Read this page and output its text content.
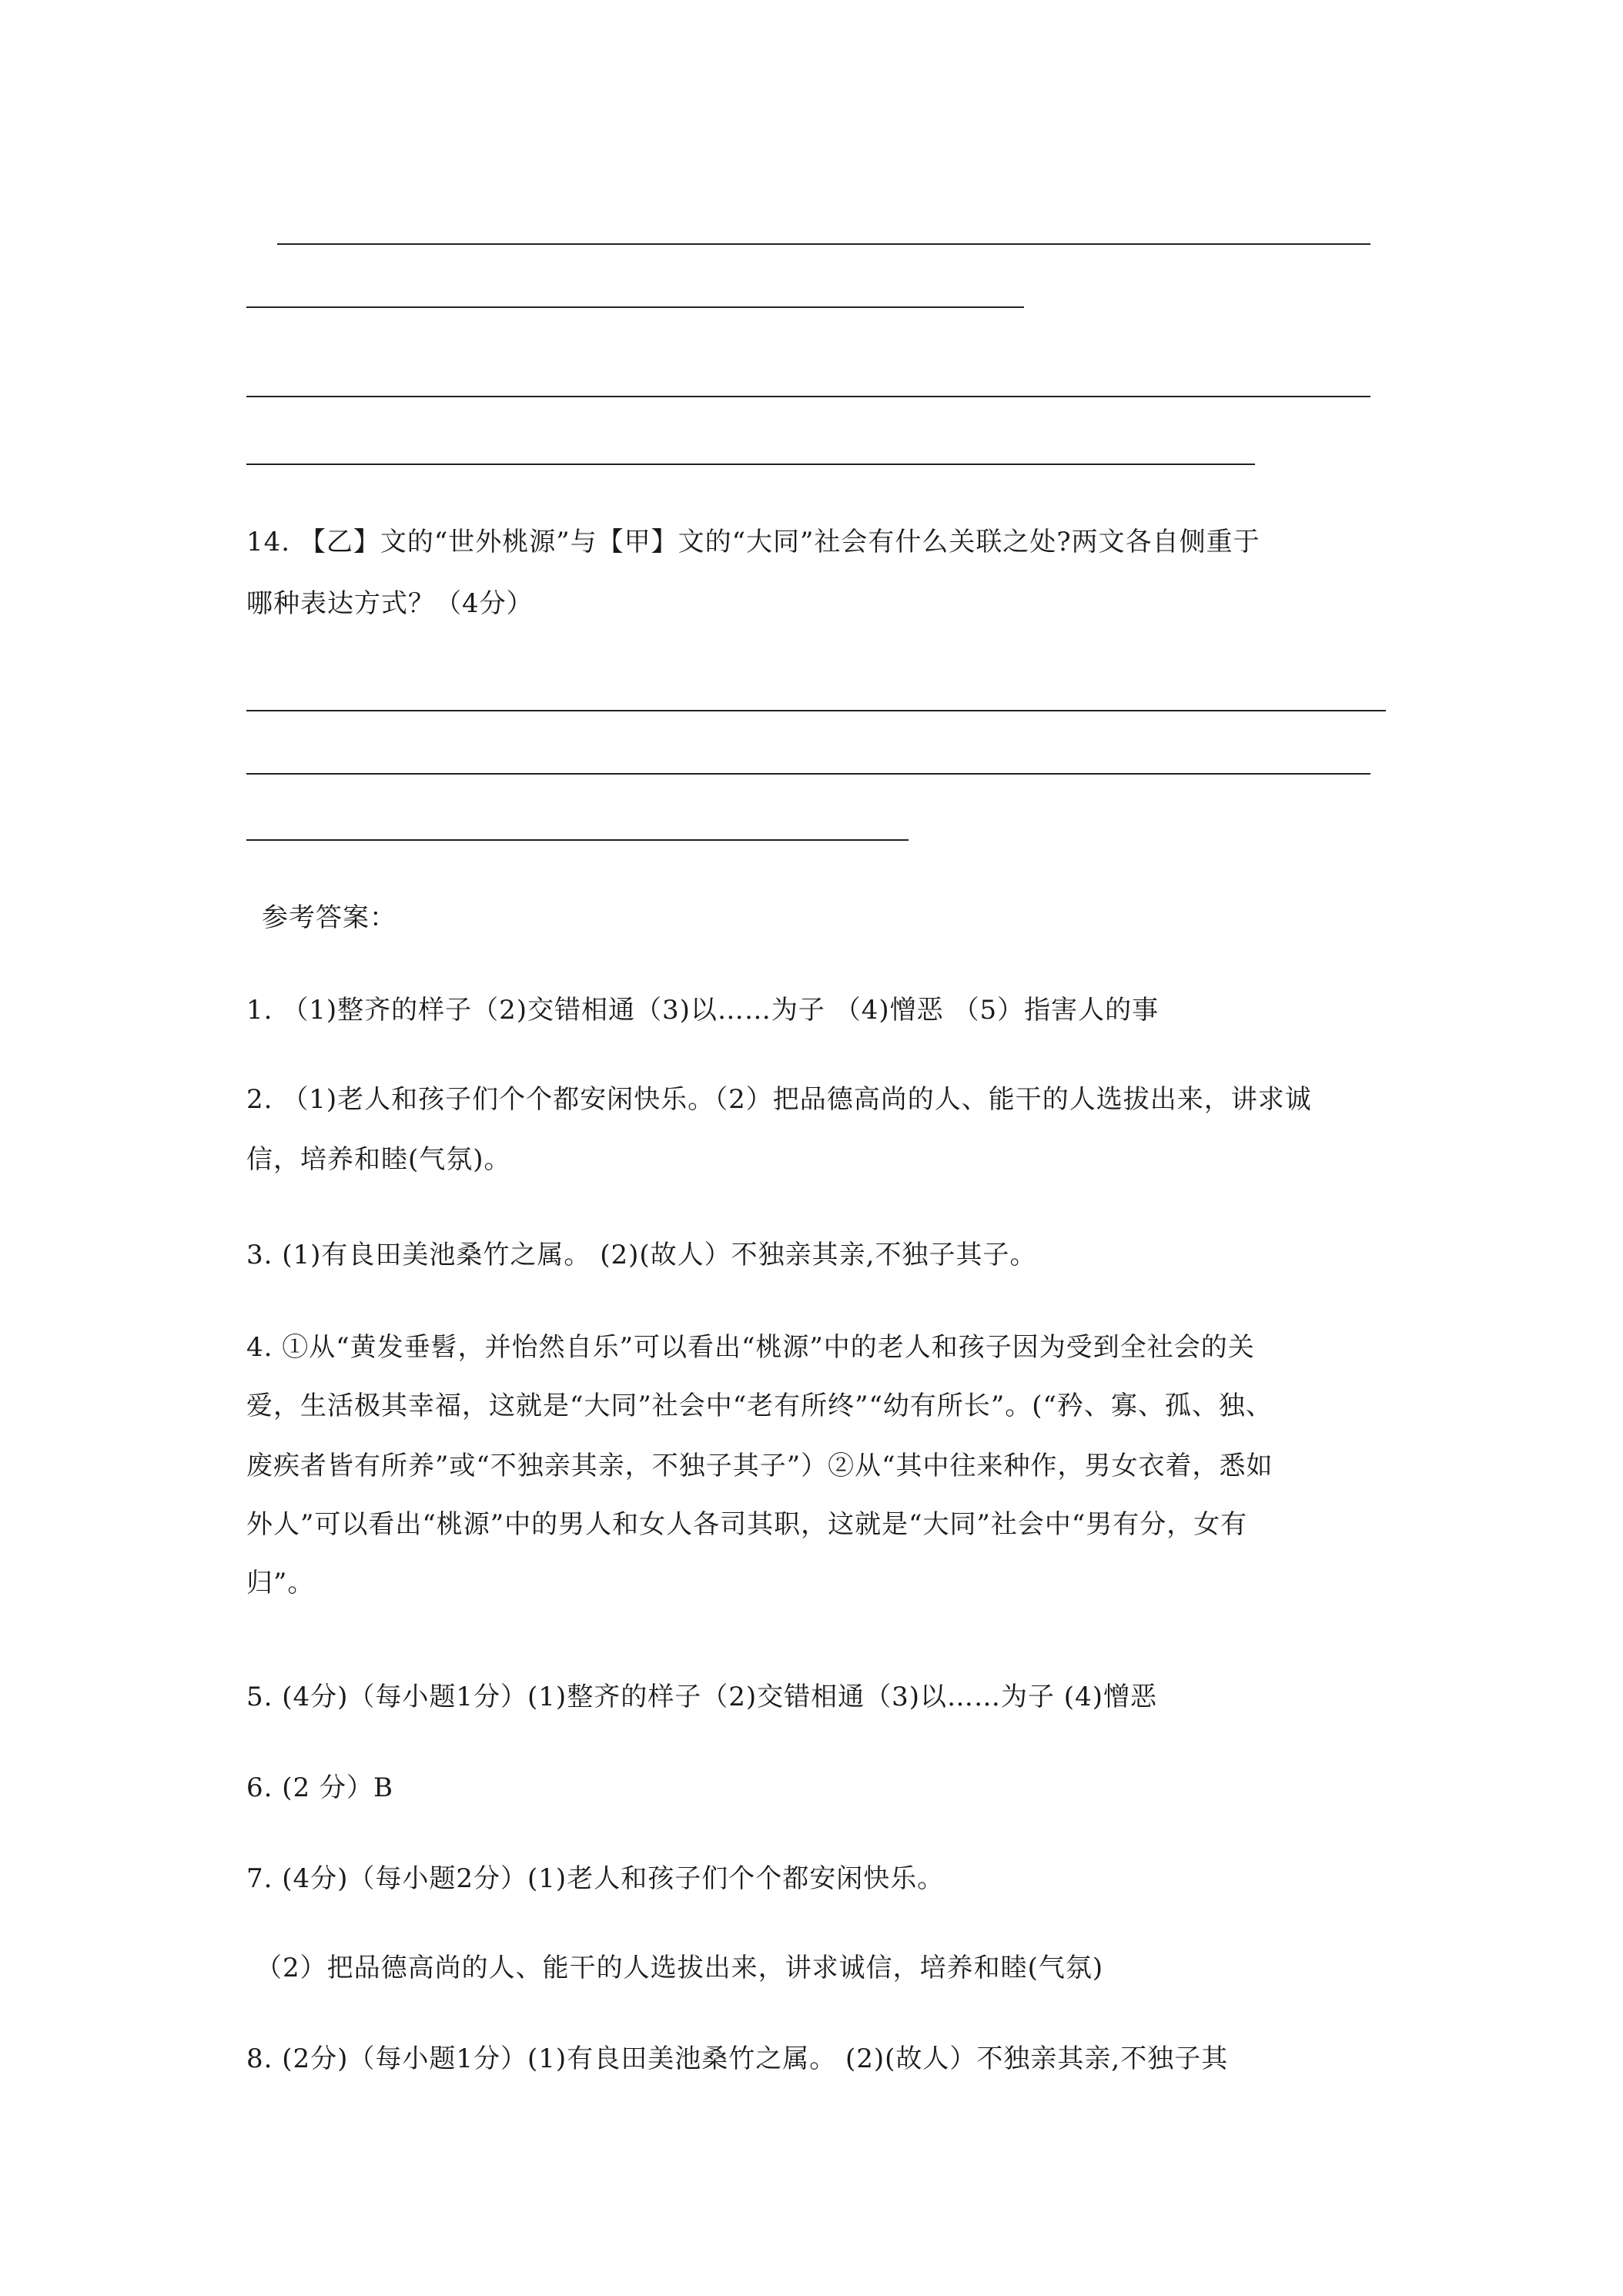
14. 【乙】文的“世外桃源”与【甲】文的“大同”社会有什么关联之处?两文各自侧重于
哪种表达方式？（4分）
参考答案：
1. （1)整齐的样子（2)交错相通（3)以……为子 （4)憎恶 （5）指害人的事
2. （1)老人和孩子们个个都安闲快乐。（2）把品德高尚的人、能干的人选拔出来，讲求诚
信，培养和睦(气氛)。
3. (1)有良田美池桑竹之属。 (2)(故人）不独亲其亲,不独子其子。
4. ①从“黄发垂髫，并怡然自乐”可以看出“桃源”中的老人和孩子因为受到全社会的关
爱，生活极其幸福，这就是“大同”社会中“老有所终”“幼有所长”。(“矜、寡、孤、独、
废疾者皆有所养”或“不独亲其亲，不独子其子”）②从“其中往来种作，男女衣着，悉如
外人”可以看出“桃源”中的男人和女人各司其职，这就是“大同”社会中“男有分，女有
归”。
5. (4分)（每小题1分）(1)整齐的样子（2)交错相通（3)以……为子 (4)憎恶
6. (2 分）B
7. (4分)（每小题2分）(1)老人和孩子们个个都安闲快乐。
（2）把品德高尚的人、能干的人选拔出来，讲求诚信，培养和睦(气氛)
8. (2分)（每小题1分）(1)有良田美池桑竹之属。 (2)(故人）不独亲其亲,不独子其
